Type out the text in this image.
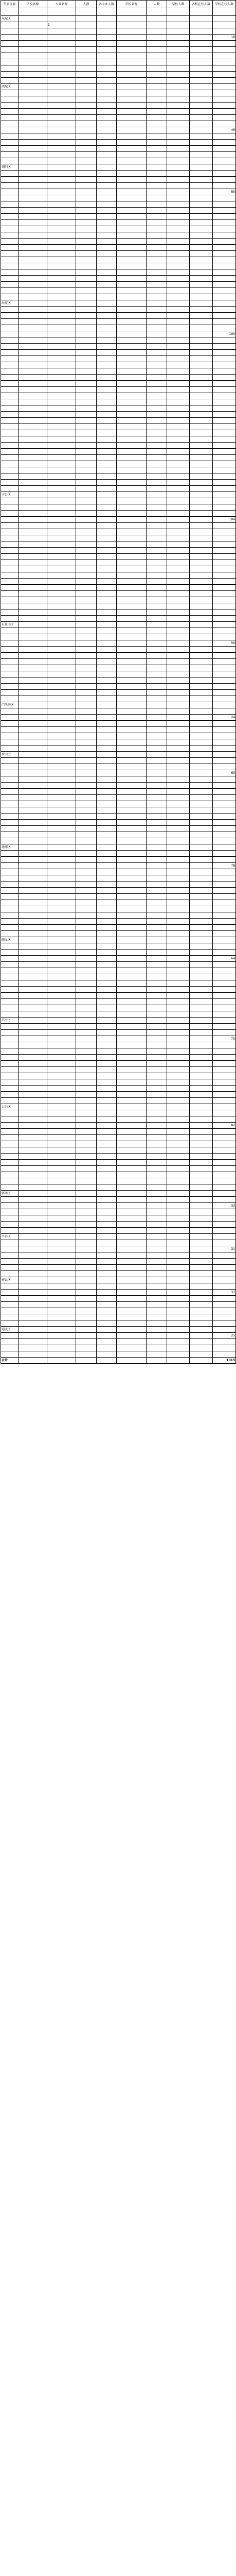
所属区县	学校名称	专业名称	人数	各专业人数	学校名称	人数	学校人数	各校在校人数	学校在校人数

东城区									
		1							

									18

西城区									

									46

朝阳区									

									85

海淀区									

									190

丰台区									

									104

石景山区									

									56

门头沟区									

									24

房山区									

									69

通州区									

									78

顺义区									

									64

昌平区									

									73

大兴区									

									82

怀柔区									

									33

平谷区									

									31

密云区									

									37

延庆区									
									25

合计									1015
